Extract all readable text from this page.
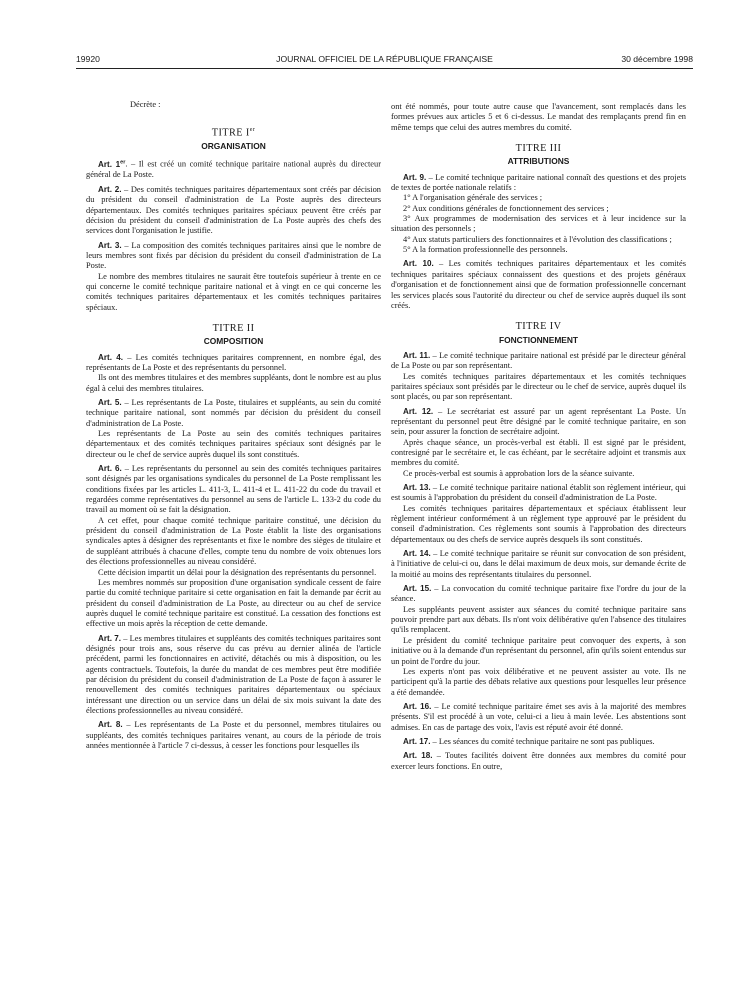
19920	JOURNAL OFFICIEL DE LA RÉPUBLIQUE FRANÇAISE	30 décembre 1998

Décrète :

TITRE Ier
ORGANISATION

Art. 1er. – Il est créé un comité technique paritaire national auprès du directeur général de La Poste.

Art. 2. – Des comités techniques paritaires départementaux sont créés par décision du président du conseil d'administration de La Poste auprès des directeurs départementaux. Des comités techniques paritaires spéciaux peuvent être créés par décision du président du conseil d'administration de La Poste auprès des chefs des services dont l'organisation le justifie.

Art. 3. – La composition des comités techniques paritaires ainsi que le nombre de leurs membres sont fixés par décision du président du conseil d'administration de La Poste.

Le nombre des membres titulaires ne saurait être toutefois supérieur à trente en ce qui concerne le comité technique paritaire national et à vingt en ce qui concerne les comités techniques paritaires départementaux et les comités techniques paritaires spéciaux.

TITRE II
COMPOSITION

Art. 4. – Les comités techniques paritaires comprennent, en nombre égal, des représentants de La Poste et des représentants du personnel.

Ils ont des membres titulaires et des membres suppléants, dont le nombre est au plus égal à celui des membres titulaires.

Art. 5. – Les représentants de La Poste, titulaires et suppléants, au sein du comité technique paritaire national, sont nommés par décision du président du conseil d'administration de La Poste.

Les représentants de La Poste au sein des comités techniques paritaires départementaux et des comités techniques paritaires spéciaux sont désignés par le directeur ou le chef de service auprès duquel ils sont constitués.

Art. 6. – Les représentants du personnel au sein des comités techniques paritaires sont désignés par les organisations syndicales du personnel de La Poste remplissant les conditions fixées par les articles L. 411-3, L. 411-4 et L. 411-22 du code du travail et regardées comme représentatives du personnel au sens de l'article L. 133-2 du code du travail au moment où se fait la désignation.

A cet effet, pour chaque comité technique paritaire constitué, une décision du président du conseil d'administration de La Poste établit la liste des organisations syndicales aptes à désigner des représentants et fixe le nombre des sièges de titulaire et de suppléant attribués à chacune d'elles, compte tenu du nombre de voix obtenues lors des élections professionnelles au niveau considéré.

Cette décision impartit un délai pour la désignation des représentants du personnel.

Les membres nommés sur proposition d'une organisation syndicale cessent de faire partie du comité technique paritaire si cette organisation en fait la demande par écrit au président du conseil d'administration de La Poste, au directeur ou au chef de service auprès duquel le comité technique paritaire est constitué. La cessation des fonctions est effective un mois après la réception de cette demande.

Art. 7. – Les membres titulaires et suppléants des comités techniques paritaires sont désignés pour trois ans, sous réserve du cas prévu au dernier alinéa de l'article précédent, parmi les fonctionnaires en activité, détachés ou mis à disposition, ou les agents contractuels. Toutefois, la durée du mandat de ces membres peut être modifiée par décision du président du conseil d'administration de La Poste de façon à assurer le renouvellement des comités techniques paritaires départementaux ou spéciaux intéressant une direction ou un service dans un délai de six mois suivant la date des élections professionnelles au niveau considéré.

Art. 8. – Les représentants de La Poste et du personnel, membres titulaires ou suppléants, des comités techniques paritaires venant, au cours de la période de trois années mentionnée à l'article 7 ci-dessus, à cesser les fonctions pour lesquelles ils

ont été nommés, pour toute autre cause que l'avancement, sont remplacés dans les formes prévues aux articles 5 et 6 ci-dessus. Le mandat des remplaçants prend fin en même temps que celui des autres membres du comité.

TITRE III
ATTRIBUTIONS

Art. 9. – Le comité technique paritaire national connaît des questions et des projets de textes de portée nationale relatifs :

1° A l'organisation générale des services ;

2° Aux conditions générales de fonctionnement des services ;

3° Aux programmes de modernisation des services et à leur incidence sur la situation des personnels ;

4° Aux statuts particuliers des fonctionnaires et à l'évolution des classifications ;

5° A la formation professionnelle des personnels.

Art. 10. – Les comités techniques paritaires départementaux et les comités techniques paritaires spéciaux connaissent des questions et des projets généraux d'organisation et de fonctionnement ainsi que de formation professionnelle concernant les services placés sous l'autorité du directeur ou chef de service auprès duquel ils sont créés.

TITRE IV
FONCTIONNEMENT

Art. 11. – Le comité technique paritaire national est présidé par le directeur général de La Poste ou par son représentant.

Les comités techniques paritaires départementaux et les comités techniques paritaires spéciaux sont présidés par le directeur ou le chef de service, auprès duquel ils sont placés, ou par son représentant.

Art. 12. – Le secrétariat est assuré par un agent représentant La Poste. Un représentant du personnel peut être désigné par le comité technique paritaire, en son sein, pour assurer la fonction de secrétaire adjoint.

Après chaque séance, un procès-verbal est établi. Il est signé par le président, contresigné par le secrétaire et, le cas échéant, par le secrétaire adjoint et transmis aux membres du comité.

Ce procès-verbal est soumis à approbation lors de la séance suivante.

Art. 13. – Le comité technique paritaire national établit son règlement intérieur, qui est soumis à l'approbation du président du conseil d'administration de La Poste.

Les comités techniques paritaires départementaux et spéciaux établissent leur règlement intérieur conformément à un règlement type approuvé par le président du conseil d'administration. Ces règlements sont soumis à l'approbation des directeurs départementaux ou des chefs de service auprès desquels ils sont constitués.

Art. 14. – Le comité technique paritaire se réunit sur convocation de son président, à l'initiative de celui-ci ou, dans le délai maximum de deux mois, sur demande écrite de la moitié au moins des représentants titulaires du personnel.

Art. 15. – La convocation du comité technique paritaire fixe l'ordre du jour de la séance.

Les suppléants peuvent assister aux séances du comité technique paritaire sans pouvoir prendre part aux débats. Ils n'ont voix délibérative qu'en l'absence des titulaires qu'ils remplacent.

Le président du comité technique paritaire peut convoquer des experts, à son initiative ou à la demande d'un représentant du personnel, afin qu'ils soient entendus sur un point de l'ordre du jour.

Les experts n'ont pas voix délibérative et ne peuvent assister au vote. Ils ne participent qu'à la partie des débats relative aux questions pour lesquelles leur présence a été demandée.

Art. 16. – Le comité technique paritaire émet ses avis à la majorité des membres présents. S'il est procédé à un vote, celui-ci a lieu à main levée. Les abstentions sont admises. En cas de partage des voix, l'avis est réputé avoir été donné.

Art. 17. – Les séances du comité technique paritaire ne sont pas publiques.

Art. 18. – Toutes facilités doivent être données aux membres du comité pour exercer leurs fonctions. En outre,
